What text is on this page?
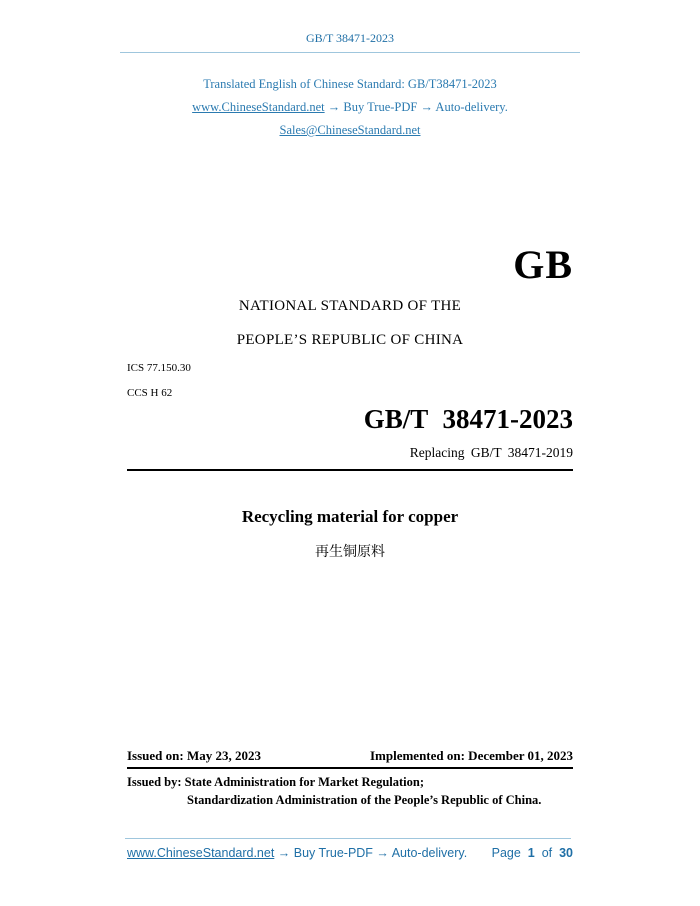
GB/T 38471-2023
Translated English of Chinese Standard: GB/T38471-2023
www.ChineseStandard.net → Buy True-PDF → Auto-delivery.
Sales@ChineseStandard.net
GB
NATIONAL STANDARD OF THE
PEOPLE’S REPUBLIC OF CHINA
ICS 77.150.30
CCS H 62
GB/T 38471-2023
Replacing GB/T 38471-2019
Recycling material for copper
再生铜原料
Issued on: May 23, 2023	Implemented on: December 01, 2023
Issued by: State Administration for Market Regulation;
Standardization Administration of the People’s Republic of China.
www.ChineseStandard.net → Buy True-PDF → Auto-delivery. Page 1 of 30
